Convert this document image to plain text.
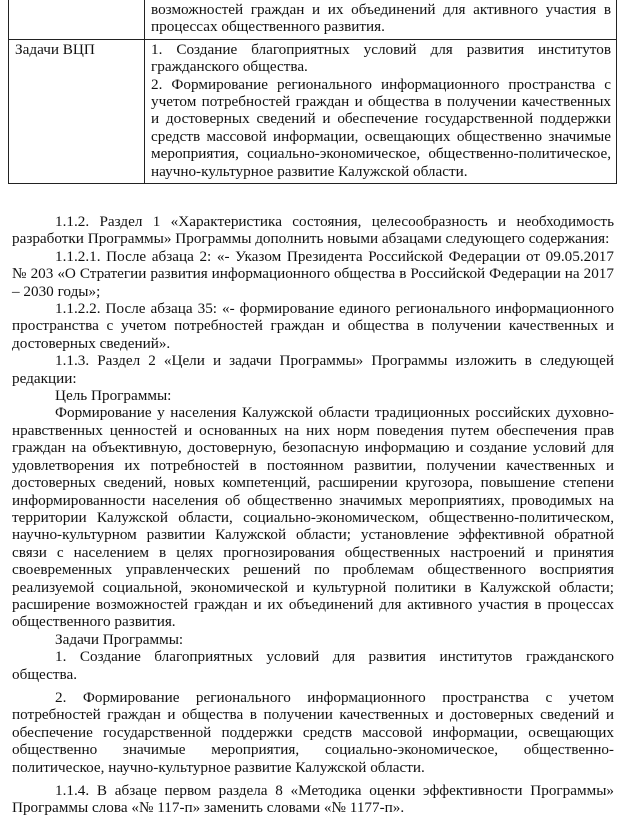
	возможностей граждан и их объединений для активного участия в процессах общественного развития.

Задачи ВЦП	1. Создание благоприятных условий для развития институтов гражданского общества.

2. Формирование регионального информационного пространства с учетом потребностей граждан и общества в получении качественных и достоверных сведений и обеспечение государственной поддержки средств массовой информации, освещающих общественно значимые мероприятия, социально-экономическое, общественно-политическое, научно-культурное развитие Калужской области.

1.1.2. Раздел 1 «Характеристика состояния, целесообразность и необходимость разработки Программы» Программы дополнить новыми абзацами следующего содержания:

1.1.2.1. После абзаца 2: «- Указом Президента Российской Федерации от 09.05.2017 № 203 «О Стратегии развития информационного общества в Российской Федерации на 2017 – 2030 годы»;

1.1.2.2. После абзаца 35: «- формирование единого регионального информационного пространства с учетом потребностей граждан и общества в получении качественных и достоверных сведений».

1.1.3. Раздел 2 «Цели и задачи Программы» Программы изложить в следующей редакции:

Цель Программы:

Формирование у населения Калужской области традиционных российских духовно-нравственных ценностей и основанных на них норм поведения путем обеспечения прав граждан на объективную, достоверную, безопасную информацию и создание условий для удовлетворения их потребностей в постоянном развитии, получении качественных и достоверных сведений, новых компетенций, расширении кругозора, повышение степени информированности населения об общественно значимых мероприятиях, проводимых на территории Калужской области, социально-экономическом, общественно-политическом, научно-культурном развитии Калужской области; установление эффективной обратной связи с населением в целях прогнозирования общественных настроений и принятия своевременных управленческих решений по проблемам общественного восприятия реализуемой социальной, экономической и культурной политики в Калужской области; расширение возможностей граждан и их объединений для активного участия в процессах общественного развития.

Задачи Программы:

1. Создание благоприятных условий для развития институтов гражданского общества.

2. Формирование регионального информационного пространства с учетом потребностей граждан и общества в получении качественных и достоверных сведений и обеспечение государственной поддержки средств массовой информации, освещающих общественно значимые мероприятия, социально-экономическое, общественно-политическое, научно-культурное развитие Калужской области.

1.1.4. В абзаце первом раздела 8 «Методика оценки эффективности Программы» Программы слова «№ 117-п» заменить словами «№ 1177-п».
